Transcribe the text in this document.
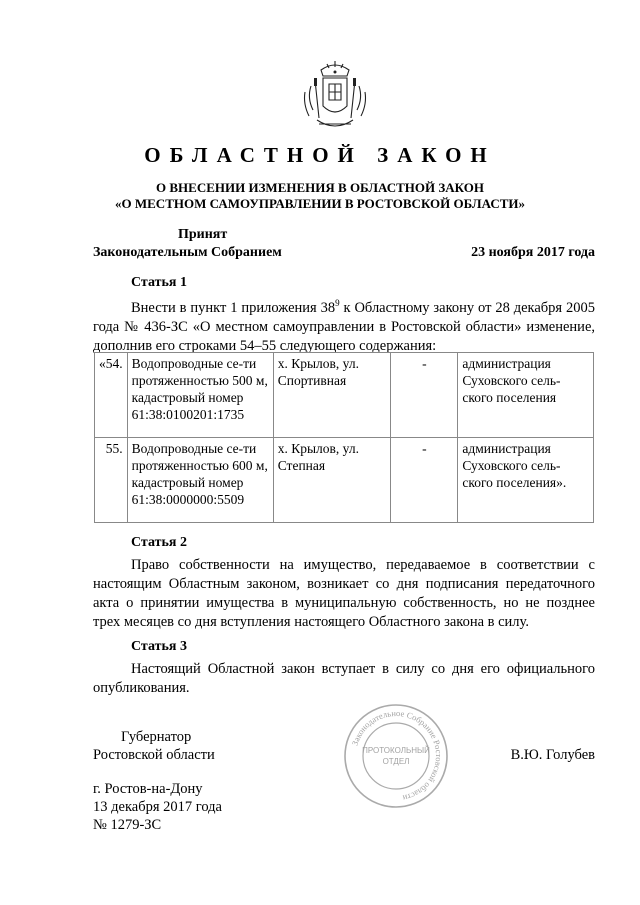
ОБЛАСТНОЙ ЗАКОН
О ВНЕСЕНИИ ИЗМЕНЕНИЯ В ОБЛАСТНОЙ ЗАКОН
«О МЕСТНОМ САМОУПРАВЛЕНИИ В РОСТОВСКОЙ ОБЛАСТИ»
Принят
Законодательным Собранием	23 ноября 2017 года
Статья 1
Внести в пункт 1 приложения $38^9$ к Областному закону от 28 декабря 2005 года № 436-ЗС «О местном самоуправлении в Ростовской области» изменение, дополнив его строками 54–55 следующего содержания:
«54.	Водопроводные се-ти протяженностью 500 м, кадастровый номер 61:38:0100201:1735	х. Крылов, ул. Спортивная	-	администрация Суховского сель-ского поселения
55.	Водопроводные се-ти протяженностью 600 м, кадастровый номер 61:38:0000000:5509	х. Крылов, ул. Степная	-	администрация Суховского сель-ского поселения».
Статья 2
Право собственности на имущество, передаваемое в соответствии с настоящим Областным законом, возникает со дня подписания передаточного акта о принятии имущества в муниципальную собственность, но не позднее трех месяцев со дня вступления настоящего Областного закона в силу.
Статья 3
Настоящий Областной закон вступает в силу со дня его официального опубликования.
Губернатор
Ростовской области	В.Ю. Голубев
Законодательное Собрание Ростовской области
ПРОТОКОЛЬНЫЙ
ОТДЕЛ
г. Ростов-на-Дону
13 декабря 2017 года
№ 1279-ЗС
